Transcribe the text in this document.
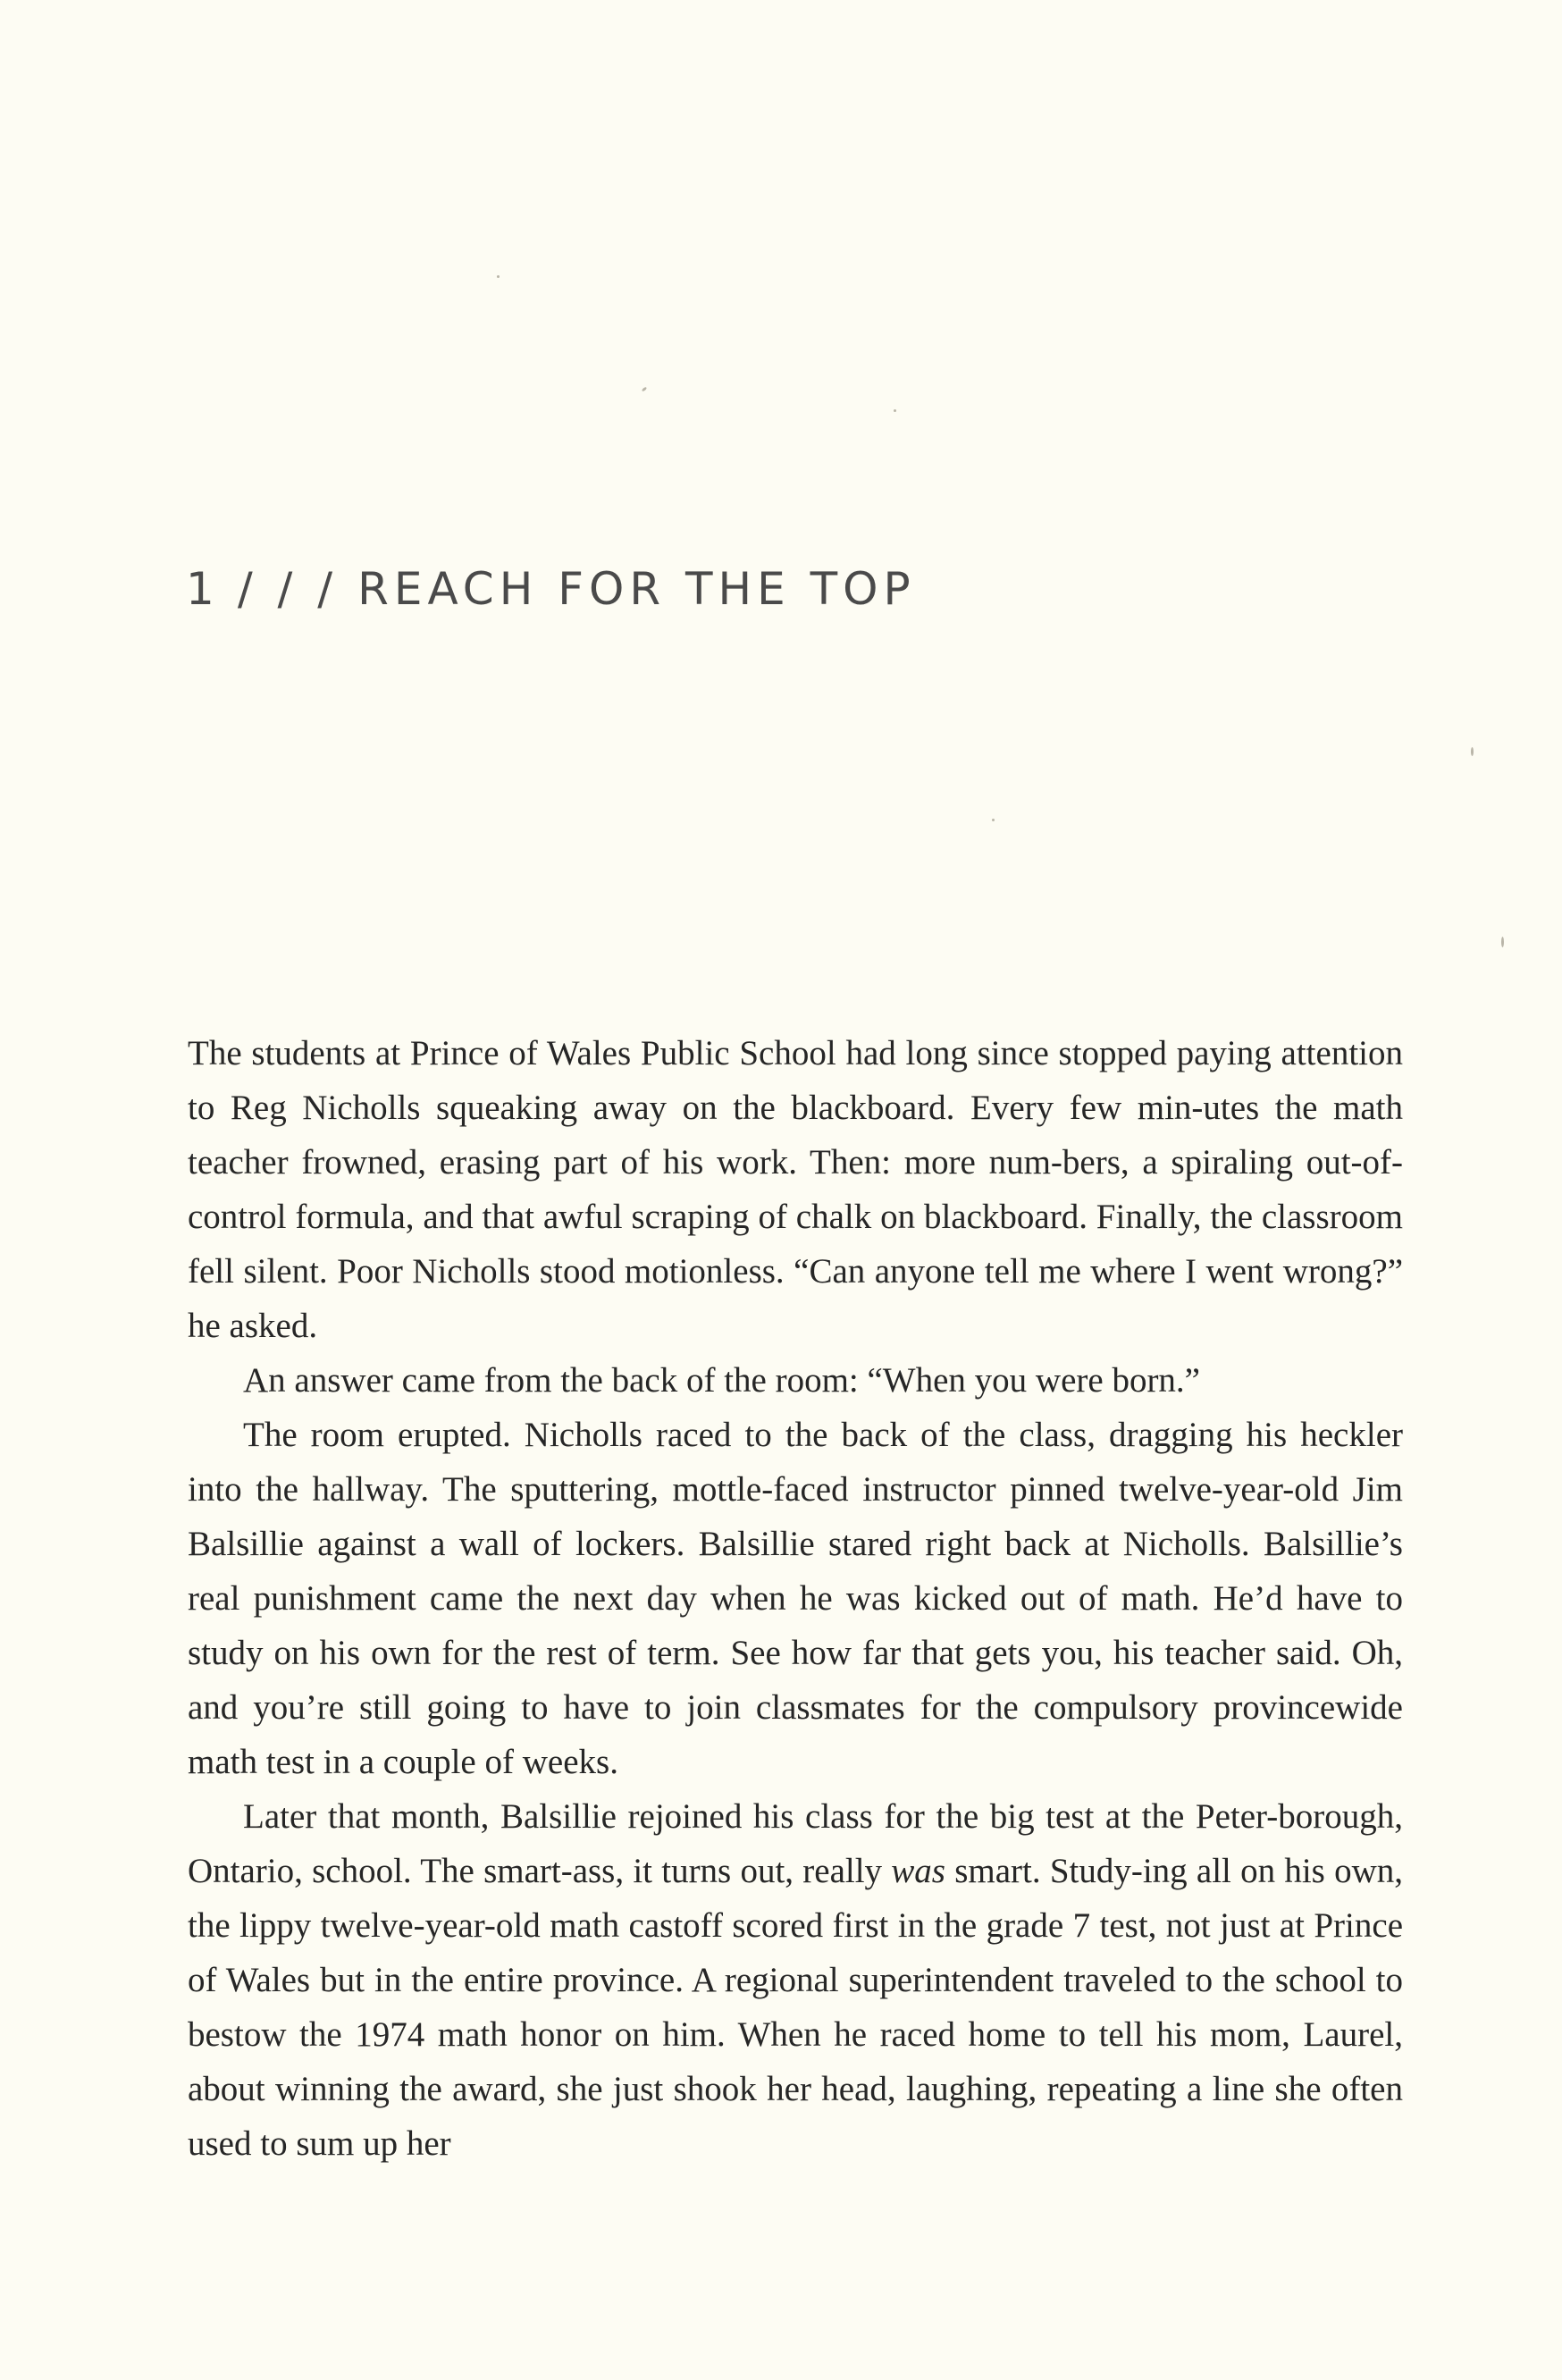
1 / / / REACH FOR THE TOP

The students at Prince of Wales Public School had long since stopped paying attention to Reg Nicholls squeaking away on the blackboard. Every few min-utes the math teacher frowned, erasing part of his work. Then: more num-bers, a spiraling out-of-control formula, and that awful scraping of chalk on blackboard. Finally, the classroom fell silent. Poor Nicholls stood motionless. “Can anyone tell me where I went wrong?” he asked.

An answer came from the back of the room: “When you were born.”

The room erupted. Nicholls raced to the back of the class, dragging his heckler into the hallway. The sputtering, mottle-faced instructor pinned twelve-year-old Jim Balsillie against a wall of lockers. Balsillie stared right back at Nicholls. Balsillie’s real punishment came the next day when he was kicked out of math. He’d have to study on his own for the rest of term. See how far that gets you, his teacher said. Oh, and you’re still going to have to join classmates for the compulsory provincewide math test in a couple of weeks.

Later that month, Balsillie rejoined his class for the big test at the Peter-borough, Ontario, school. The smart-ass, it turns out, really was smart. Study-ing all on his own, the lippy twelve-year-old math castoff scored first in the grade 7 test, not just at Prince of Wales but in the entire province. A regional superintendent traveled to the school to bestow the 1974 math honor on him. When he raced home to tell his mom, Laurel, about winning the award, she just shook her head, laughing, repeating a line she often used to sum up her
